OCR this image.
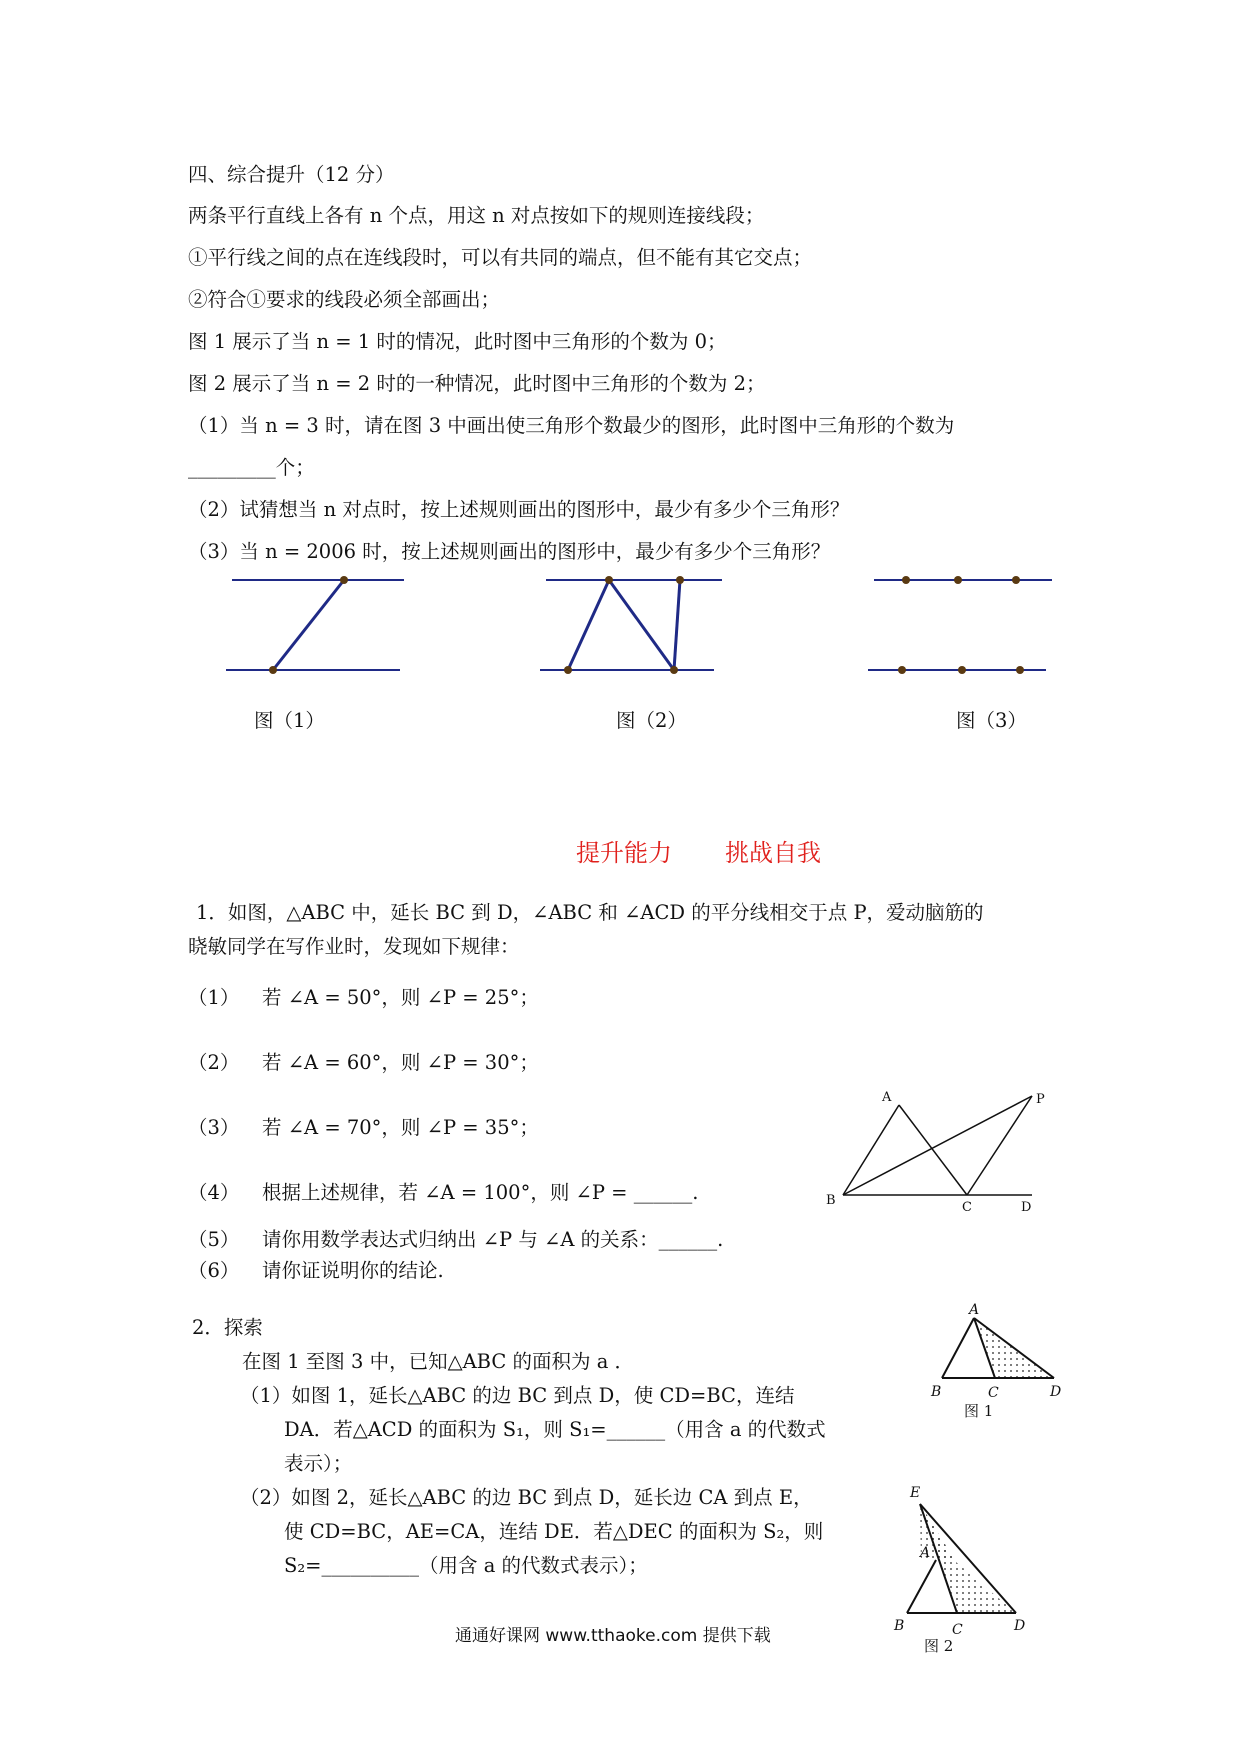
四、综合提升（12 分）
两条平行直线上各有 n 个点，用这 n 对点按如下的规则连接线段；
①平行线之间的点在连线段时，可以有共同的端点，但不能有其它交点；
②符合①要求的线段必须全部画出；
图 1 展示了当 n = 1 时的情况，此时图中三角形的个数为 0；
图 2 展示了当 n = 2 时的一种情况，此时图中三角形的个数为 2；
（1）当 n = 3 时，请在图 3 中画出使三角形个数最少的图形，此时图中三角形的个数为
_________个；
（2）试猜想当 n 对点时，按上述规则画出的图形中，最少有多少个三角形？
（3）当 n = 2006 时，按上述规则画出的图形中，最少有多少个三角形？
图（1）	图（2）	图（3）
提升能力 挑战自我
1．如图，△ABC 中，延长 BC 到 D，∠ABC 和 ∠ACD 的平分线相交于点 P，爱动脑筋的
晓敏同学在写作业时，发现如下规律：
（1） 若 ∠A = 50°，则 ∠P = 25°；
（2） 若 ∠A = 60°，则 ∠P = 30°；
（3） 若 ∠A = 70°，则 ∠P = 35°；
（4） 根据上述规律，若 ∠A = 100°，则 ∠P = ______.
（5） 请你用数学表达式归纳出 ∠P 与 ∠A 的关系：______.
（6） 请你证说明你的结论.
A	P
B	C	D
2．探索
在图 1 至图 3 中，已知△ABC 的面积为 a ．
（1）如图 1，延长△ABC 的边 BC 到点 D，使 CD=BC，连结
DA．若△ACD 的面积为 S₁，则 S₁=______（用含 a 的代数式
表示）；
（2）如图 2，延长△ABC 的边 BC 到点 D，延长边 CA 到点 E，
使 CD=BC，AE=CA，连结 DE．若△DEC 的面积为 S₂，则
S₂=__________（用含 a 的代数式表示）；
A
B	C	D
图 1
E
A
B	C	D
图 2
通通好课网 www.tthaoke.com 提供下载
